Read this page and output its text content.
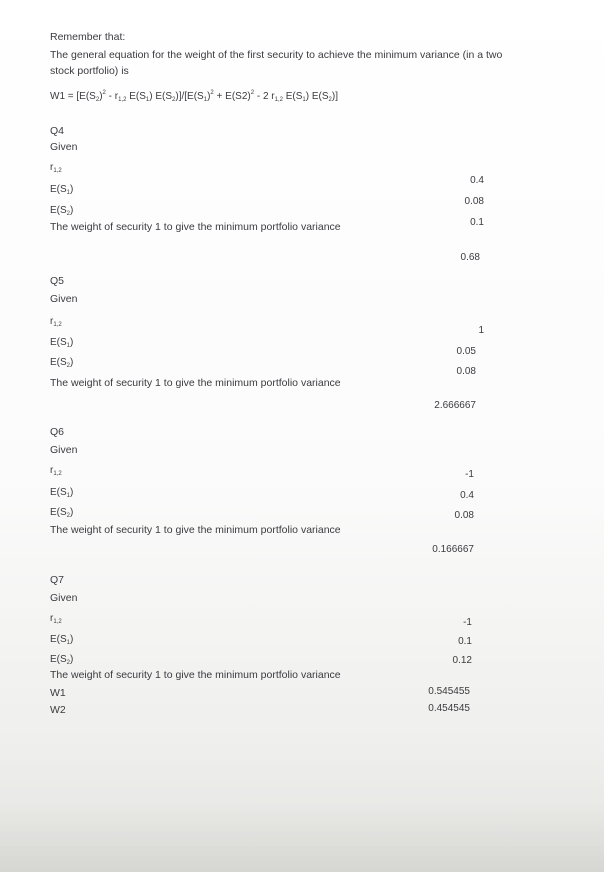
Remember that:
The general equation for the weight of the first security to achieve the minimum variance (in a two
stock portfolio) is
$W1 = [E(S_2)^2 - r_{1,2}$ $E(S_1) E(S_2)]/[E(S_1)^2 + E(S2)^2 - 2$ $r_{1,2}$ $E(S_1)$ $E(S_2)$]
Q4
Given
$r_{1,2}$
$E(S_1)$
$E(S_2)$
The weight of security 1 to give the minimum portfolio variance
0.4
0.08
0.1
0.68
Q5
Given
$r_{1,2}$
$E(S_1)$
$E(S_2)$
The weight of security 1 to give the minimum portfolio variance
1
0.05
0.08
2.666667
Q6
Given
$r_{1,2}$
$E(S_1)$
$E(S_2)$
The weight of security 1 to give the minimum portfolio variance
-1
0.4
0.08
0.166667
Q7
Given
$r_{1,2}$
$E(S_1)$
$E(S_2)$
The weight of security 1 to give the minimum portfolio variance
W1
W2
-1
0.1
0.12
0.545455
0.454545
